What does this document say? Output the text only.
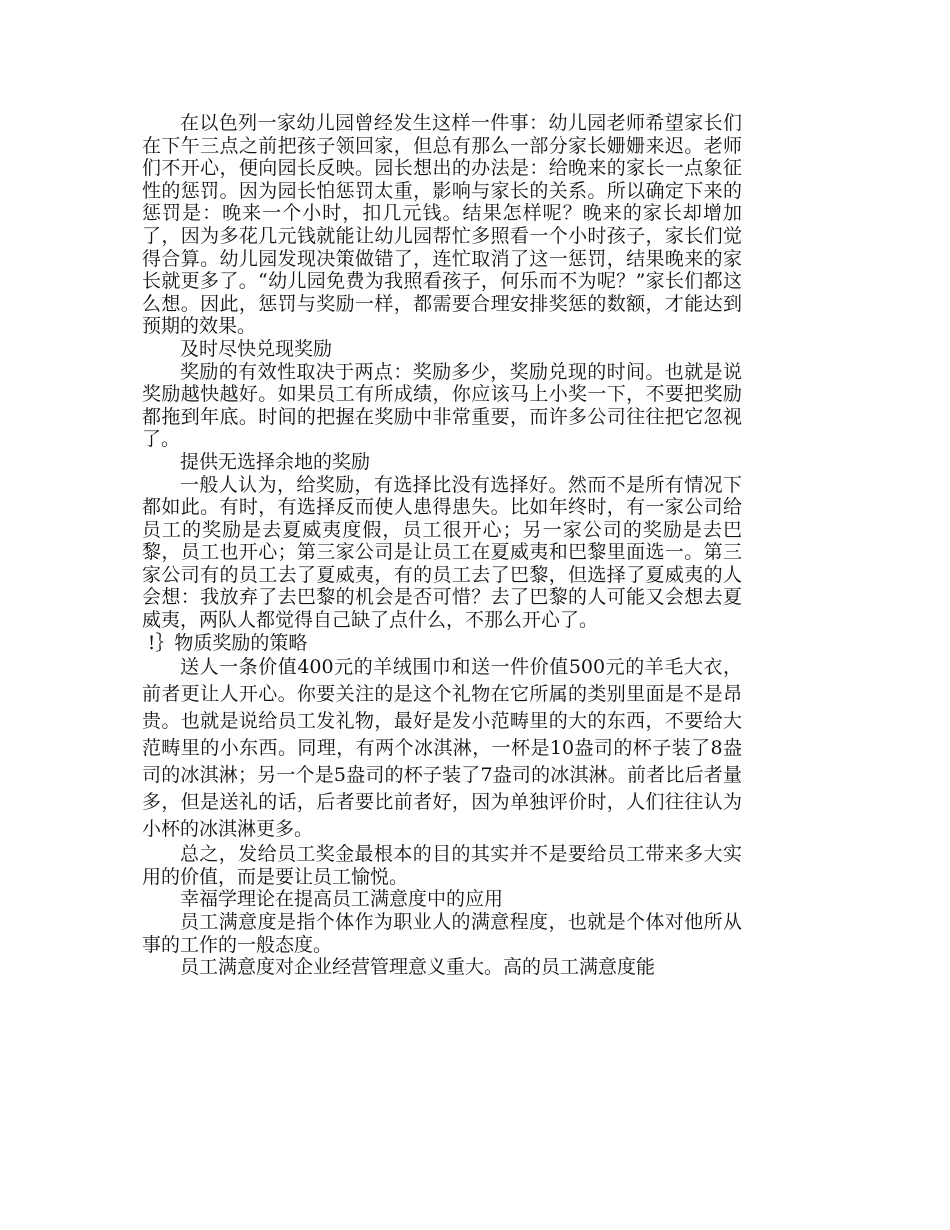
在以色列一家幼儿园曾经发生这样一件事：幼儿园老师希望家长们在下午三点之前把孩子领回家，但总有那么一部分家长姗姗来迟。老师们不开心，便向园长反映。园长想出的办法是：给晚来的家长一点象征性的惩罚。因为园长怕惩罚太重，影响与家长的关系。所以确定下来的惩罚是：晚来一个小时，扣几元钱。结果怎样呢？晚来的家长却增加了，因为多花几元钱就能让幼儿园帮忙多照看一个小时孩子，家长们觉得合算。幼儿园发现决策做错了，连忙取消了这一惩罚，结果晚来的家长就更多了。“幼儿园免费为我照看孩子，何乐而不为呢？”家长们都这么想。因此，惩罚与奖励一样，都需要合理安排奖惩的数额，才能达到预期的效果。

及时尽快兑现奖励

奖励的有效性取决于两点：奖励多少，奖励兑现的时间。也就是说奖励越快越好。如果员工有所成绩，你应该马上小奖一下，不要把奖励都拖到年底。时间的把握在奖励中非常重要，而许多公司往往把它忽视了。

提供无选择余地的奖励

一般人认为，给奖励，有选择比没有选择好。然而不是所有情况下都如此。有时，有选择反而使人患得患失。比如年终时，有一家公司给员工的奖励是去夏威夷度假，员工很开心；另一家公司的奖励是去巴黎，员工也开心；第三家公司是让员工在夏威夷和巴黎里面选一。第三家公司有的员工去了夏威夷，有的员工去了巴黎，但选择了夏威夷的人会想：我放弃了去巴黎的机会是否可惜？去了巴黎的人可能又会想去夏威夷，两队人都觉得自己缺了点什么，不那么开心了。

!｝物质奖励的策略

送人一条价值400元的羊绒围巾和送一件价值500元的羊毛大衣，前者更让人开心。你要关注的是这个礼物在它所属的类别里面是不是昂贵。也就是说给员工发礼物，最好是发小范畴里的大的东西，不要给大范畴里的小东西。同理，有两个冰淇淋，一杯是10盎司的杯子装了8盎司的冰淇淋；另一个是5盎司的杯子装了7盎司的冰淇淋。前者比后者量多，但是送礼的话，后者要比前者好，因为单独评价时，人们往往认为小杯的冰淇淋更多。

总之，发给员工奖金最根本的目的其实并不是要给员工带来多大实用的价值，而是要让员工愉悦。

幸福学理论在提高员工满意度中的应用

员工满意度是指个体作为职业人的满意程度，也就是个体对他所从事的工作的一般态度。

员工满意度对企业经营管理意义重大。高的员工满意度能
